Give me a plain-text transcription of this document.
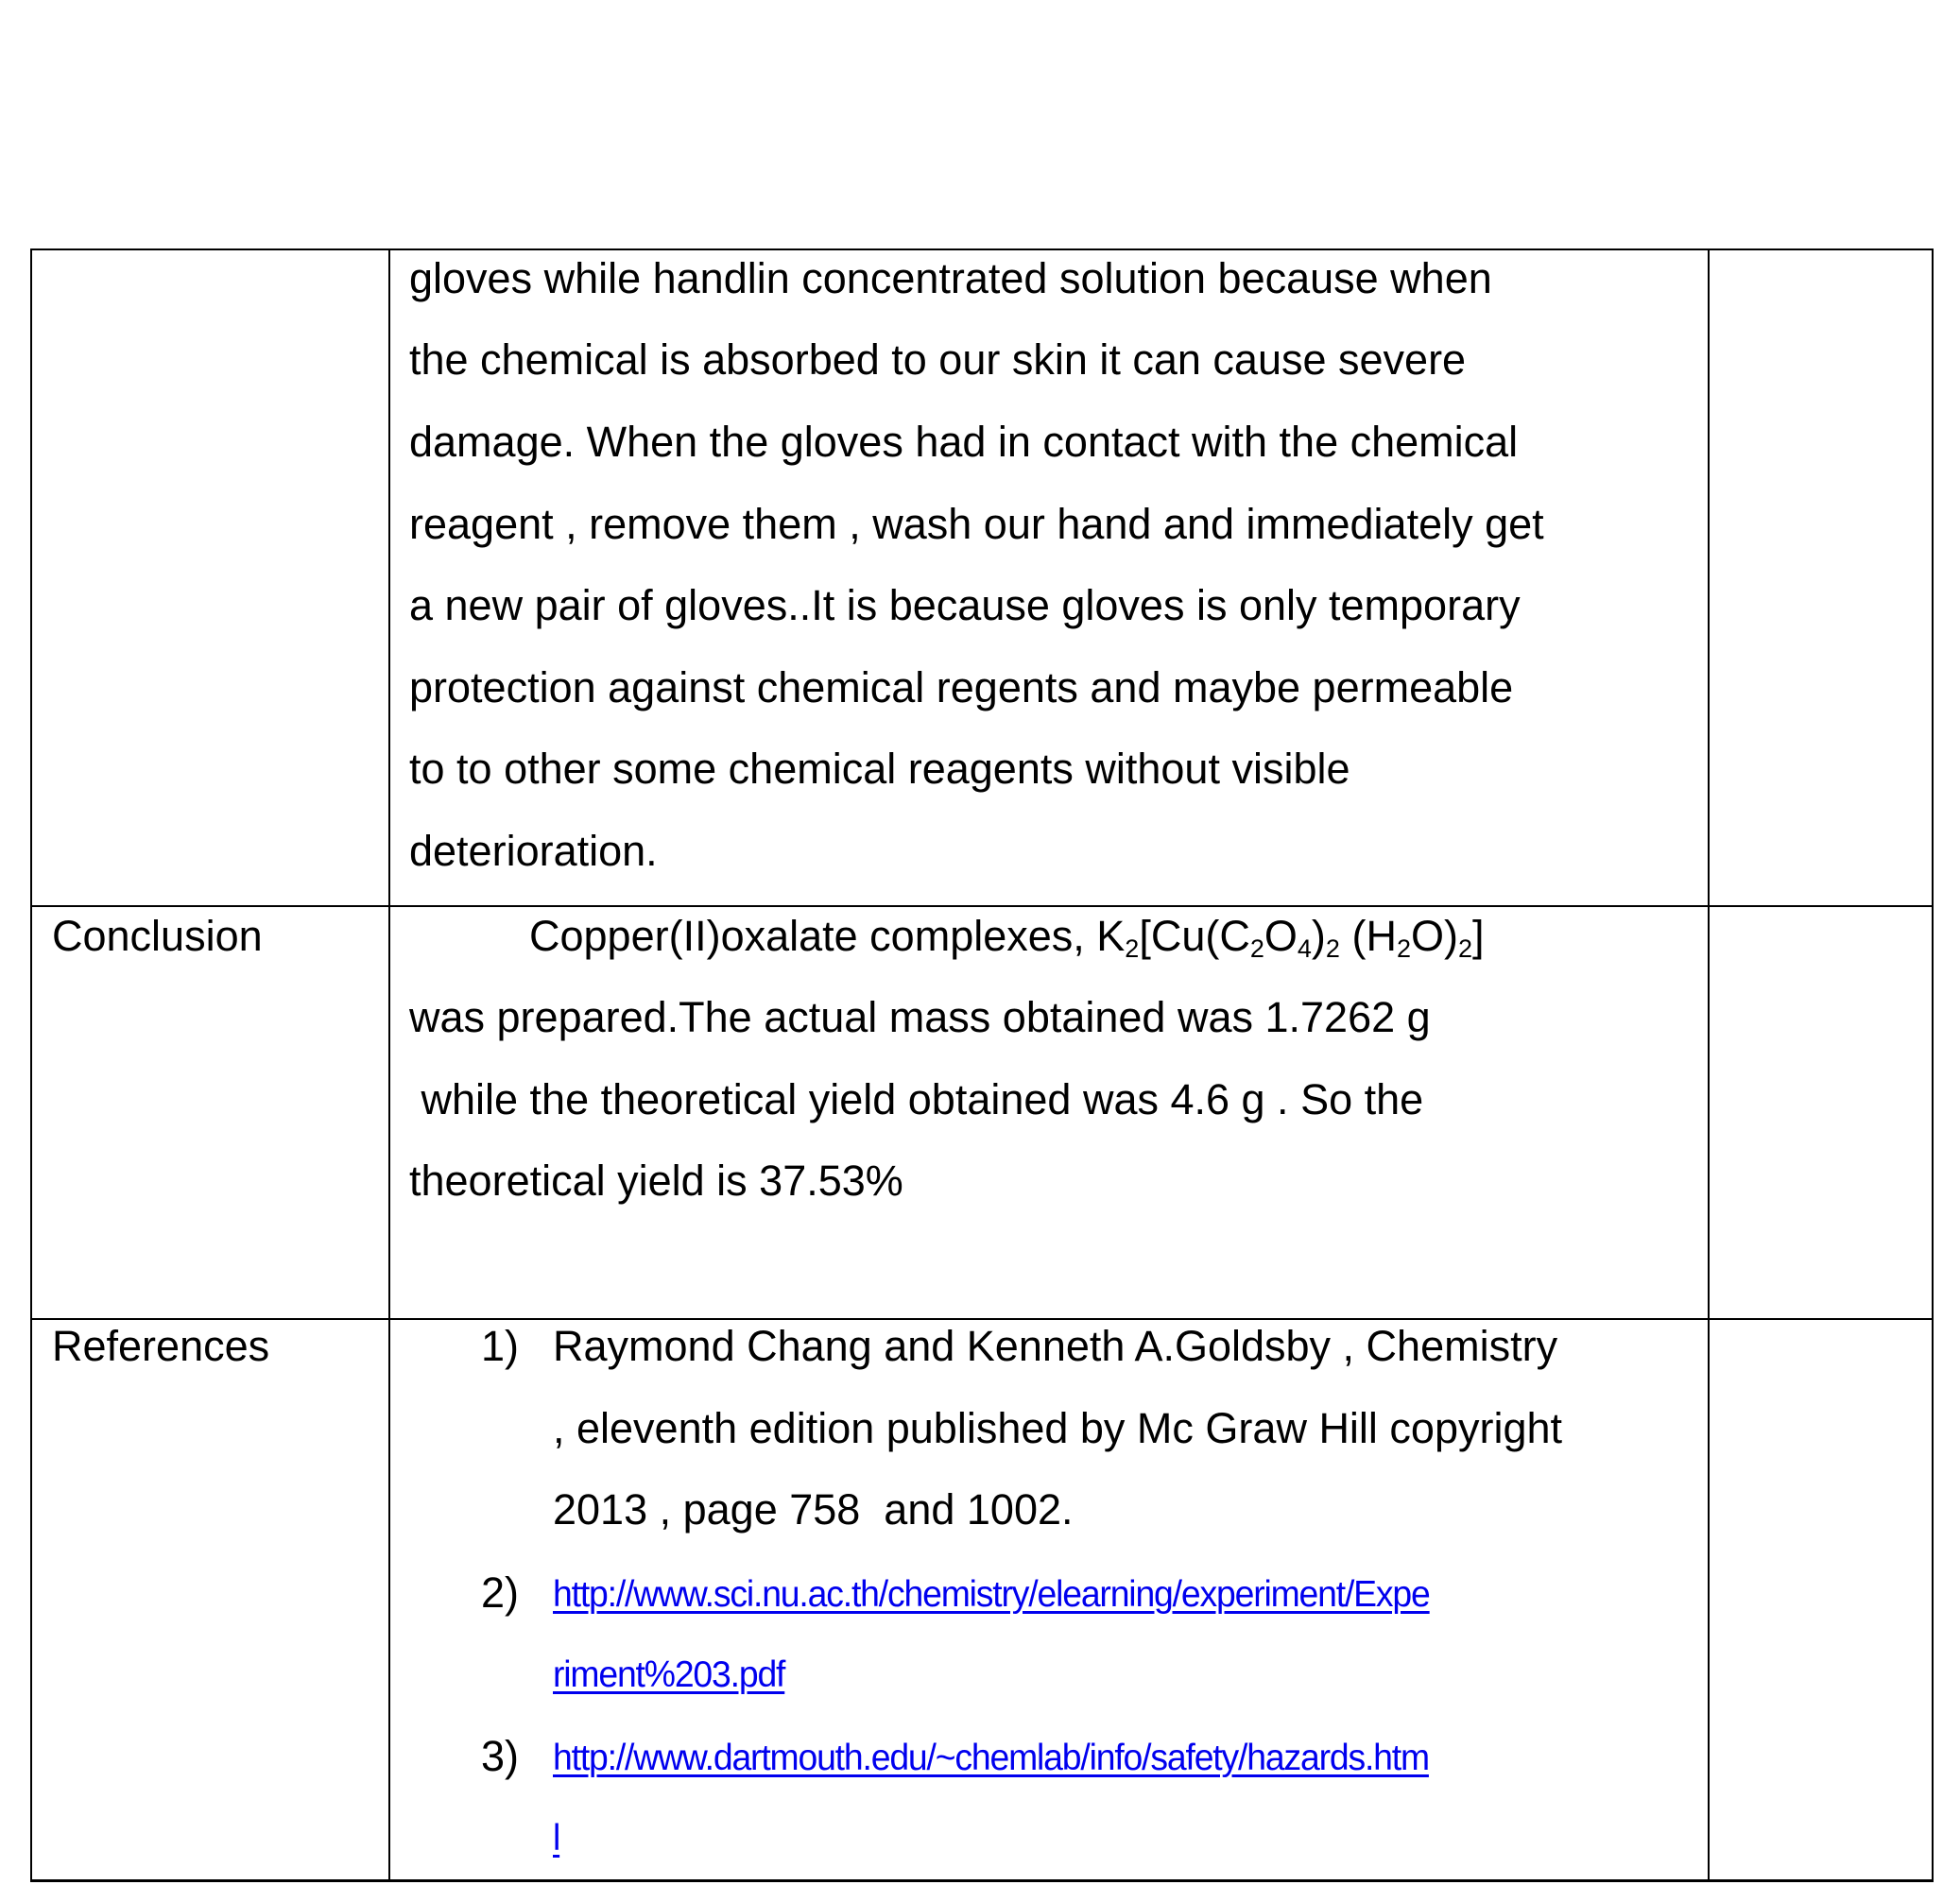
gloves while handlin concentrated solution because when
the chemical is absorbed to our skin it can cause severe
damage. When the gloves had in contact with the chemical
reagent , remove them , wash our hand and immediately get
a new pair of gloves..It is because gloves is only temporary
protection against chemical regents and maybe permeable
to to other some chemical reagents without visible
deterioration.
Conclusion	Copper(II)oxalate complexes, $K_2[Cu(C_2O_4)_2$ $(H_2O)_2$]
was prepared.The actual mass obtained was 1.7262 g
while the theoretical yield obtained was 4.6 g . So the
theoretical yield is 37.53%
References	1) Raymond Chang and Kenneth A.Goldsby , Chemistry
, eleventh edition published by Mc Graw Hill copyright
2013 , page 758  and 1002.
2) http://www.sci.nu.ac.th/chemistry/elearning/experiment/Expe
riment%203.pdf
3) http://www.dartmouth.edu/~chemlab/info/safety/hazards.htm
l
